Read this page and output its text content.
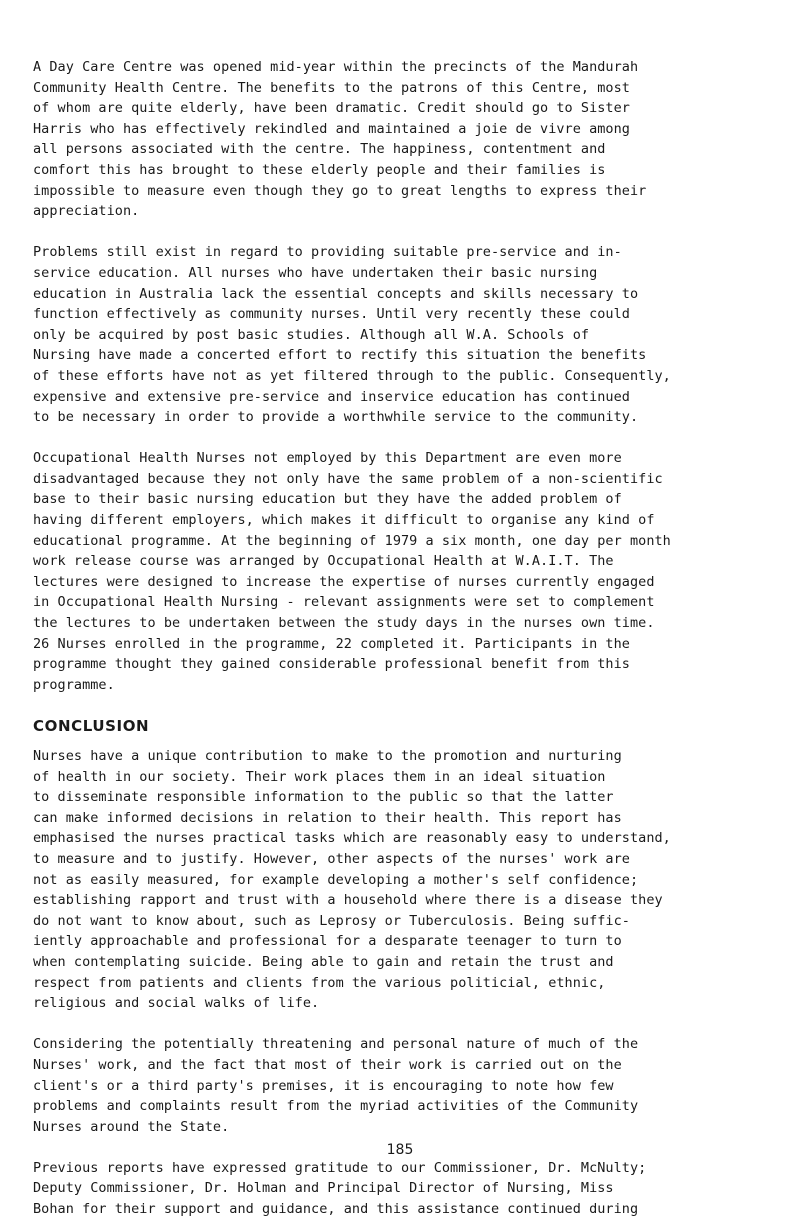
A Day Care Centre was opened mid-year within the precincts of the Mandurah
Community Health Centre. The benefits to the patrons of this Centre, most
of whom are quite elderly, have been dramatic. Credit should go to Sister
Harris who has effectively rekindled and maintained a joie de vivre among
all persons associated with the centre. The happiness, contentment and
comfort this has brought to these elderly people and their families is
impossible to measure even though they go to great lengths to express their
appreciation.

Problems still exist in regard to providing suitable pre-service and in-
service education. All nurses who have undertaken their basic nursing
education in Australia lack the essential concepts and skills necessary to
function effectively as community nurses. Until very recently these could
only be acquired by post basic studies. Although all W.A. Schools of
Nursing have made a concerted effort to rectify this situation the benefits
of these efforts have not as yet filtered through to the public. Consequently,
expensive and extensive pre-service and inservice education has continued
to be necessary in order to provide a worthwhile service to the community.

Occupational Health Nurses not employed by this Department are even more
disadvantaged because they not only have the same problem of a non-scientific
base to their basic nursing education but they have the added problem of
having different employers, which makes it difficult to organise any kind of
educational programme. At the beginning of 1979 a six month, one day per month
work release course was arranged by Occupational Health at W.A.I.T. The
lectures were designed to increase the expertise of nurses currently engaged
in Occupational Health Nursing - relevant assignments were set to complement
the lectures to be undertaken between the study days in the nurses own time.
26 Nurses enrolled in the programme, 22 completed it. Participants in the
programme thought they gained considerable professional benefit from this
programme.

CONCLUSION

Nurses have a unique contribution to make to the promotion and nurturing
of health in our society. Their work places them in an ideal situation
to disseminate responsible information to the public so that the latter
can make informed decisions in relation to their health. This report has
emphasised the nurses practical tasks which are reasonably easy to understand,
to measure and to justify. However, other aspects of the nurses' work are
not as easily measured, for example developing a mother's self confidence;
establishing rapport and trust with a household where there is a disease they
do not want to know about, such as Leprosy or Tuberculosis. Being suffic-
iently approachable and professional for a desparate teenager to turn to
when contemplating suicide. Being able to gain and retain the trust and
respect from patients and clients from the various politicial, ethnic,
religious and social walks of life.

Considering the potentially threatening and personal nature of much of the
Nurses' work, and the fact that most of their work is carried out on the
client's or a third party's premises, it is encouraging to note how few
problems and complaints result from the myriad activities of the Community
Nurses around the State.

Previous reports have expressed gratitude to our Commissioner, Dr. McNulty;
Deputy Commissioner, Dr. Holman and Principal Director of Nursing, Miss
Bohan for their support and guidance, and this assistance continued during

185
